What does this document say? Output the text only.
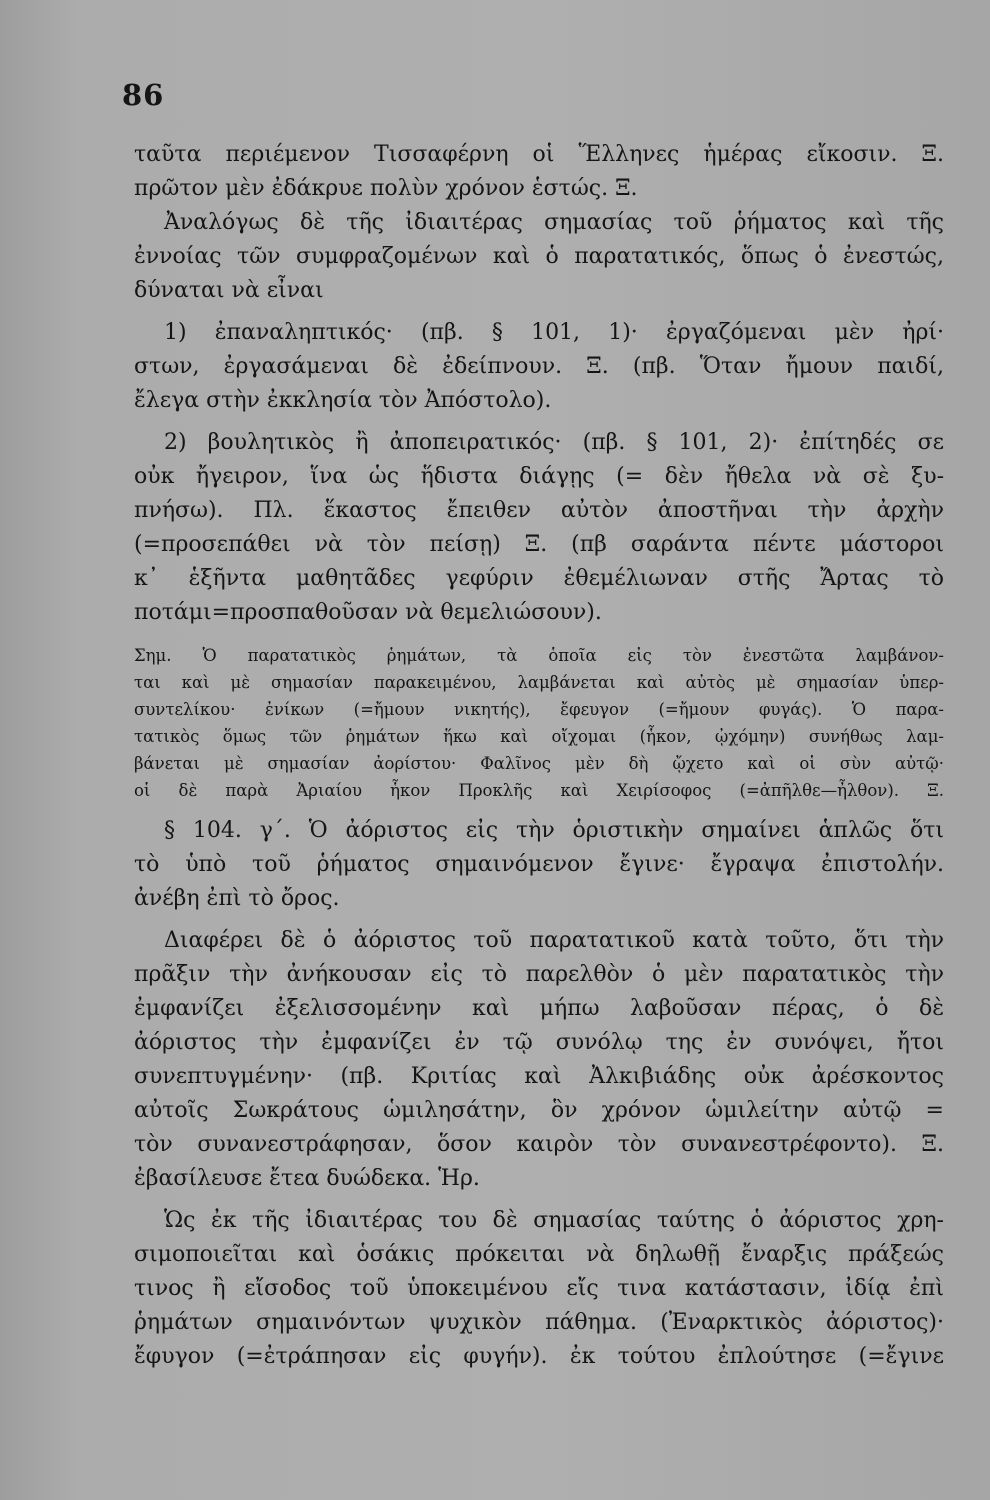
86
ταῦτα περιέμενον Τισσαφέρνη οἱ Ἕλληνες ἡμέρας εἴκοσιν. Ξ.
πρῶτον μὲν ἐδάκρυε πολὺν χρόνον ἑστώς. Ξ.
Ἀναλόγως δὲ τῆς ἰδιαιτέρας σημασίας τοῦ ῥήματος καὶ τῆς
ἐννοίας τῶν συμφραζομένων καὶ ὁ παρατατικός, ὅπως ὁ ἐνεστώς,
δύναται νὰ εἶναι
1) ἐπαναληπτικός· (πβ. § 101, 1)· ἐργαζόμεναι μὲν ἠρί·
στων, ἐργασάμεναι δὲ ἐδείπνουν. Ξ. (πβ. Ὅταν ἤμουν παιδί,
ἔλεγα στὴν ἐκκλησία τὸν Ἀπόστολο).
2) βουλητικὸς ἢ ἀποπειρατικός· (πβ. § 101, 2)· ἐπίτηδές σε
οὐκ ἤγειρον, ἵνα ὡς ἥδιστα διάγῃς (= δὲν ἤθελα νὰ σὲ ξυ-
πνήσω). Πλ. ἕκαστος ἔπειθεν αὐτὸν ἀποστῆναι τὴν ἀρχὴν
(=προσεπάθει νὰ τὸν πείσῃ) Ξ. (πβ σαράντα πέντε μάστοροι
κ᾽ ἑξῆντα μαθητᾶδες γεφύριν ἐθεμέλιωναν στῆς Ἄρτας τὸ
ποτάμι=προσπαθοῦσαν νὰ θεμελιώσουν).
Σημ. Ὁ παρατατικὸς ῥημάτων, τὰ ὁποῖα εἰς τὸν ἐνεστῶτα λαμβάνον-
ται καὶ μὲ σημασίαν παρακειμένου, λαμβάνεται καὶ αὐτὸς μὲ σημασίαν ὑπερ-
συντελίκου· ἐνίκων (=ἤμουν νικητής), ἔφευγον (=ἤμουν φυγάς). Ὁ παρα-
τατικὸς ὅμως τῶν ῥημάτων ἥκω καὶ οἴχομαι (ἧκον, ᾠχόμην) συνήθως λαμ-
βάνεται μὲ σημασίαν ἀορίστου· Φαλῖνος μὲν δὴ ᾤχετο καὶ οἱ σὺν αὐτῷ·
οἱ δὲ παρὰ Ἀριαίου ἧκον Προκλῆς καὶ Χειρίσοφος (=ἀπῆλθε—ἦλθον). Ξ.
§ 104. γ΄. Ὁ ἀόριστος εἰς τὴν ὁριστικὴν σημαίνει ἁπλῶς ὅτι
τὸ ὑπὸ τοῦ ῥήματος σημαινόμενον ἔγινε· ἔγραψα ἐπιστολήν.
ἀνέβη ἐπὶ τὸ ὄρος.
Διαφέρει δὲ ὁ ἀόριστος τοῦ παρατατικοῦ κατὰ τοῦτο, ὅτι τὴν
πρᾶξιν τὴν ἀνήκουσαν εἰς τὸ παρελθὸν ὁ μὲν παρατατικὸς τὴν
ἐμφανίζει ἐξελισσομένην καὶ μήπω λαβοῦσαν πέρας, ὁ δὲ
ἀόριστος τὴν ἐμφανίζει ἐν τῷ συνόλῳ της ἐν συνόψει, ἤτοι
συνεπτυγμένην· (πβ. Κριτίας καὶ Ἀλκιβιάδης οὐκ ἀρέσκοντος
αὐτοῖς Σωκράτους ὡμιλησάτην, ὃν χρόνον ὡμιλείτην αὐτῷ =
τὸν συνανεστράφησαν, ὅσον καιρὸν τὸν συνανεστρέφοντο). Ξ.
ἐβασίλευσε ἔτεα δυώδεκα. Ἡρ.
Ὡς ἐκ τῆς ἰδιαιτέρας του δὲ σημασίας ταύτης ὁ ἀόριστος χρη-
σιμοποιεῖται καὶ ὁσάκις πρόκειται νὰ δηλωθῇ ἔναρξις πράξεώς
τινος ἢ εἴσοδος τοῦ ὑποκειμένου εἴς τινα κατάστασιν, ἰδίᾳ ἐπὶ
ῥημάτων σημαινόντων ψυχικὸν πάθημα. (Ἐναρκτικὸς ἀόριστος)·
ἔφυγον (=ἐτράπησαν εἰς φυγήν). ἐκ τούτου ἐπλούτησε (=ἔγινε
